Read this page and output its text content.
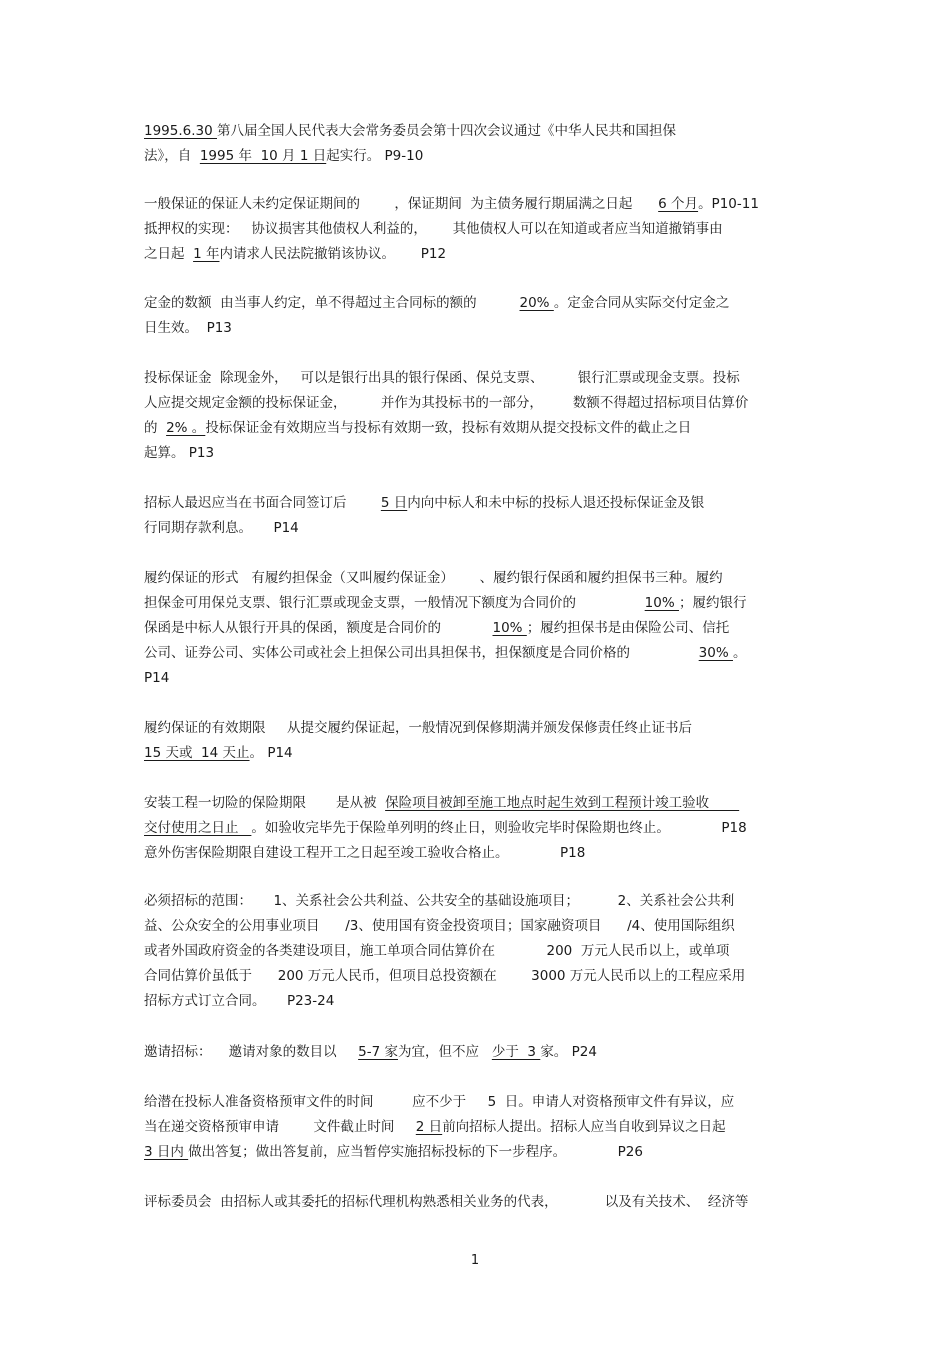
1995.6.30 第八届全国人民代表大会常务委员会第十四次会议通过《中华人民共和国担保
法》，自  1995 年  10 月 1 日起实行。 P9-10
一般保证的保证人未约定保证期间的        ，保证期间  为主债务履行期届满之日起      6 个月。P10-11
抵押权的实现：   协议损害其他债权人利益的，      其他债权人可以在知道或者应当知道撤销事由
之日起  1 年内请求人民法院撤销该协议。      P12
定金的数额  由当事人约定，单不得超过主合同标的额的          20% 。定金合同从实际交付定金之
日生效。  P13
投标保证金  除现金外，   可以是银行出具的银行保函、保兑支票、        银行汇票或现金支票。投标
人应提交规定金额的投标保证金，        并作为其投标书的一部分，       数额不得超过招标项目估算价
的  2% 。投标保证金有效期应当与投标有效期一致，投标有效期从提交投标文件的截止之日
起算。 P13
招标人最迟应当在书面合同签订后        5 日内向中标人和未中标的投标人退还投标保证金及银
行同期存款利息。     P14
履约保证的形式   有履约担保金（又叫履约保证金）      、履约银行保函和履约担保书三种。履约
担保金可用保兑支票、银行汇票或现金支票，一般情况下额度为合同价的                10% ；履约银行
保函是中标人从银行开具的保函，额度是合同价的            10% ；履约担保书是由保险公司、信托
公司、证券公司、实体公司或社会上担保公司出具担保书，担保额度是合同价格的                30% 。
P14
履约保证的有效期限     从提交履约保证起，一般情况到保修期满并颁发保修责任终止证书后
15 天或  14 天止。 P14
安装工程一切险的保险期限       是从被  保险项目被卸至施工地点时起生效到工程预计竣工验收
交付使用之日止   。如验收完毕先于保险单列明的终止日，则验收完毕时保险期也终止。            P18
意外伤害保险期限自建设工程开工之日起至竣工验收合格止。            P18
必须招标的范围：     1、关系社会公共利益、公共安全的基础设施项目；         2、关系社会公共利
益、公众安全的公用事业项目      /3、使用国有资金投资项目；国家融资项目      /4、使用国际组织
或者外国政府资金的各类建设项目，施工单项合同估算价在            200  万元人民币以上，或单项
合同估算价虽低于      200 万元人民币，但项目总投资额在        3000 万元人民币以上的工程应采用
招标方式订立合同。     P23-24
邀请招标：    邀请对象的数目以     5-7 家为宜，但不应   少于  3 家。 P24
给潜在投标人准备资格预审文件的时间         应不少于     5  日。申请人对资格预审文件有异议，应
当在递交资格预审申请        文件截止时间     2 日前向招标人提出。招标人应当自收到异议之日起
3 日内 做出答复；做出答复前，应当暂停实施招标投标的下一步程序。            P26
评标委员会  由招标人或其委托的招标代理机构熟悉相关业务的代表，           以及有关技术、  经济等
1
